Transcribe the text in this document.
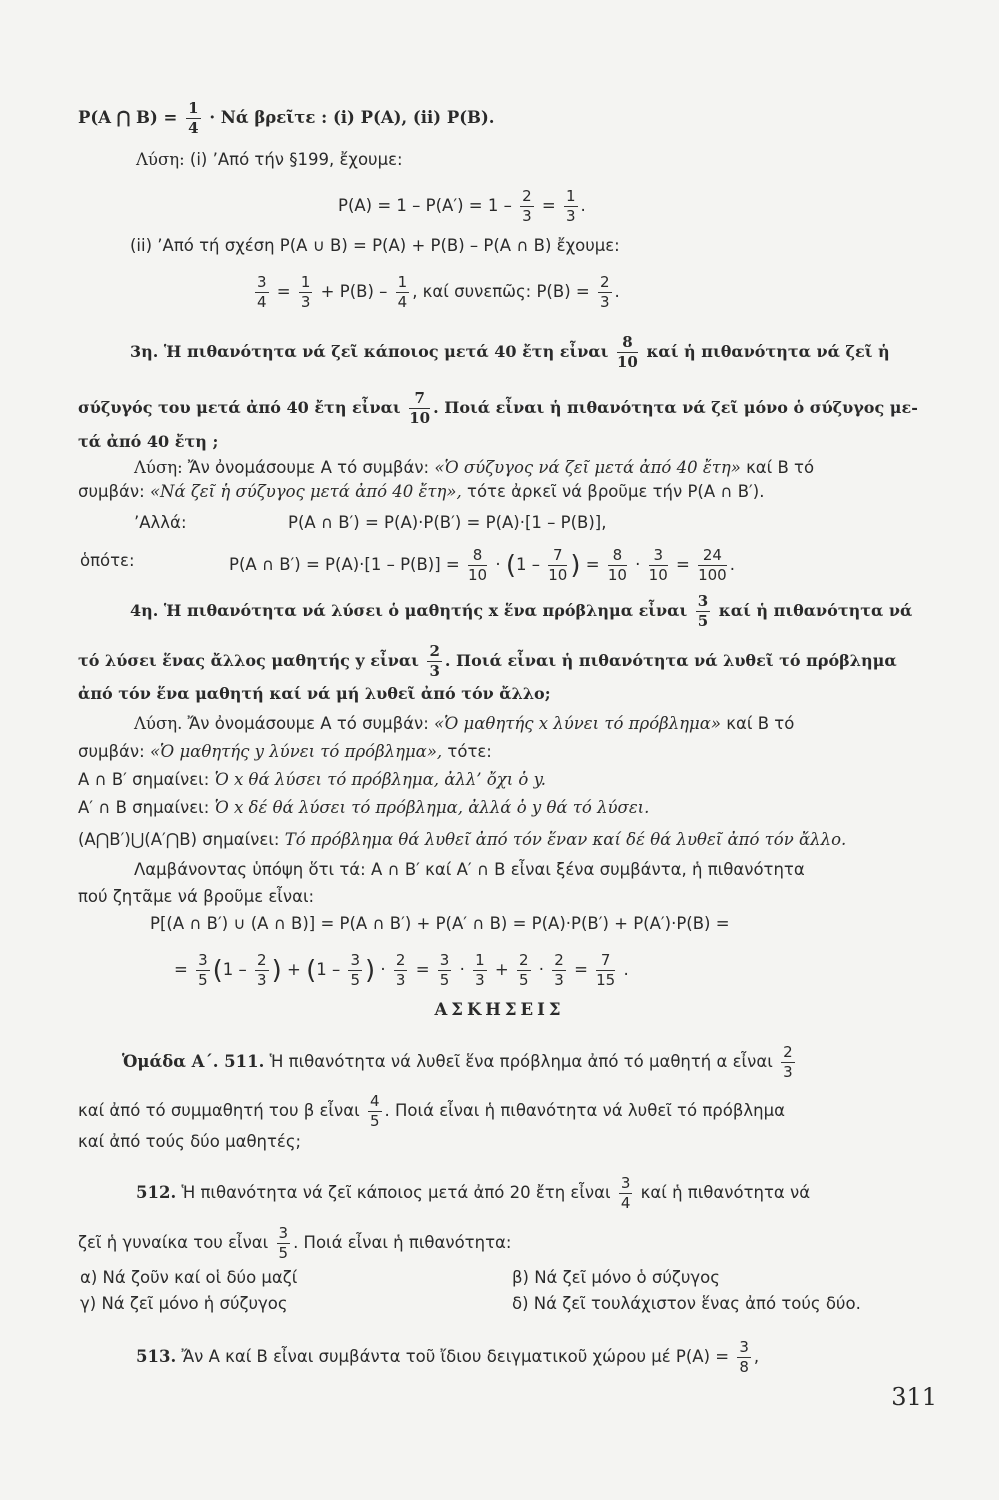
P(A ⋂ $B) = \frac{1}{4} \cdot Nά$ βρεῖτε : (i) P(A), (ii) P(B).
Λύση: (i) ’Από τήν §199, ἔχουμε:
$P(A) = 1 - P(A') = 1 - \frac{2}{3} = \frac{1}{3}$ .
(ii) ’Από τή σχέση P(A ∪ B) = P(A) + P(B) – P(A ∩ B) ἔχουμε:
$\frac{3}{4} = \frac{1}{3} + P(B) - \frac{1}{4}$ , καί συνεπῶς: $P(B) = \frac{2}{3}$ .
3η. Ἡ πιθανότητα νά ζεῖ κάποιος μετά 40 ἔτη εἶναι $\frac{8}{10}$ καί ἡ πιθανότητα νά ζεῖ ἡ
σύζυγός του μετά ἀπό 40 ἔτη εἶναι $\frac{7}{10}$ . Ποιά εἶναι ἡ πιθανότητα νά ζεῖ μόνο ὁ σύζυγος με-
τά ἀπό 40 ἔτη ;
Λύση: Ἄν ὀνομάσουμε A τό συμβάν: «Ὁ σύζυγος νά ζεῖ μετά ἀπό 40 ἔτη» καί B τό
συμβάν: «Νά ζεῖ ἡ σύζυγος μετά ἀπό 40 ἔτη», τότε ἀρκεῖ νά βροῦμε τήν P(A ∩ B′).
’Αλλά:	P(A ∩ B′) = P(A)·P(B′) = P(A)·[1 – P(B)],
ὁπότε:	P(A ∩ $B') = P(A)\cdot[1 - P(B)] = \frac{8}{10} \cdot (1 - \frac{7}{10}$ ) = $\frac{8}{10} \cdot \frac{3}{10} = \frac{24}{100}$ .
4η. Ἡ πιθανότητα νά λύσει ὁ μαθητής x ἕνα πρόβλημα εἶναι $\frac{3}{5}$ καί ἡ πιθανότητα νά
τό λύσει ἕνας ἄλλος μαθητής y εἶναι $\frac{2}{3}$ . Ποιά εἶναι ἡ πιθανότητα νά λυθεῖ τό πρόβλημα
ἀπό τόν ἕνα μαθητή καί νά μή λυθεῖ ἀπό τόν ἄλλο;
Λύση. Ἄν ὀνομάσουμε A τό συμβάν: «Ὁ μαθητής x λύνει τό πρόβλημα» καί B τό
συμβάν: «Ὁ μαθητής y λύνει τό πρόβλημα», τότε:
A ∩ B′ σημαίνει: Ὁ x θά λύσει τό πρόβλημα, ἀλλ’ ὄχι ὁ y.
A′ ∩ B σημαίνει: Ὁ x δέ θά λύσει τό πρόβλημα, ἀλλά ὁ y θά τό λύσει.
(A⋂B′)⋃(A′⋂B) σημαίνει: Τό πρόβλημα θά λυθεῖ ἀπό τόν ἕναν καί δέ θά λυθεῖ ἀπό τόν ἄλλο.
Λαμβάνοντας ὑπόψη ὅτι τά: A ∩ B′ καί A′ ∩ B εἶναι ξένα συμβάντα, ἡ πιθανότητα
πού ζητᾶμε νά βροῦμε εἶναι:
P[(A ∩ B′) ∪ (A ∩ B)] = P(A ∩ B′) + P(A′ ∩ B) = P(A)·P(B′) + P(A′)·P(B) =
= $\frac{3}{5} (1 - \frac{2}{3}$ ) + ($1 - \frac{3}{5}$ ) · $\frac{2}{3} = \frac{3}{5} \cdot \frac{1}{3} + \frac{2}{5} \cdot \frac{2}{3} = \frac{7}{15}$ .
ΑΣΚΗΣΕΙΣ
Ὁμάδα Α΄. 511. Ἡ πιθανότητα νά λυθεῖ ἕνα πρόβλημα ἀπό τό μαθητή α εἶναι $\frac{2}{3}$
καί ἀπό τό συμμαθητή του β εἶναι $\frac{4}{5}$ . Ποιά εἶναι ἡ πιθανότητα νά λυθεῖ τό πρόβλημα
καί ἀπό τούς δύο μαθητές;
512. Ἡ πιθανότητα νά ζεῖ κάποιος μετά ἀπό 20 ἔτη εἶναι $\frac{3}{4}$ καί ἡ πιθανότητα νά
ζεῖ ἡ γυναίκα του εἶναι $\frac{3}{5}$ . Ποιά εἶναι ἡ πιθανότητα:
α) Νά ζοῦν καί οἱ δύο μαζί	β) Νά ζεῖ μόνο ὁ σύζυγος
γ) Νά ζεῖ μόνο ἡ σύζυγος	δ) Νά ζεῖ τουλάχιστον ἕνας ἀπό τούς δύο.
513. Ἄν A καί B εἶναι συμβάντα τοῦ ἴδιου δειγματικοῦ χώρου μέ $P(A) = \frac{3}{8}$ ,
311
